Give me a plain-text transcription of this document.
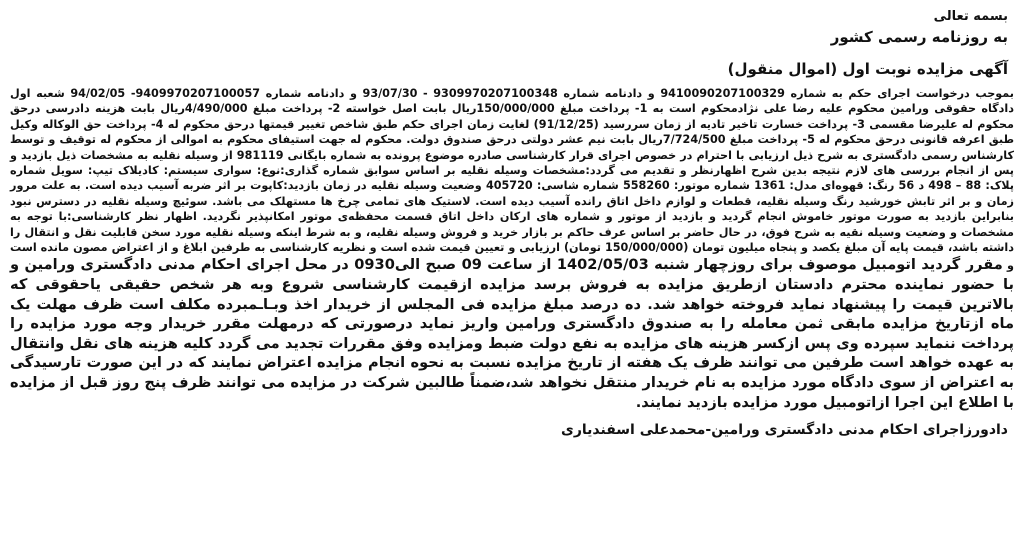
بسمه تعالی

به روزنامه رسمی کشور

آگهی مزایده نوبت اول (اموال منقول)

بموجب درخواست اجرای حکم به شماره 9410090207100329 و دادنامه شماره 9309970207100348 - 93/07/30 و دادنامه شماره 9409970207100057- 94/02/05 شعبه اول دادگاه حقوقی ورامین محکوم علیه رضا علی نژادمحکوم است به 1- پرداخت مبلغ 150/000/000ریال بابت اصل خواسته 2- پرداخت مبلغ 4/490/000ریال بابت هزینه دادرسی درحق محکوم له علیرضا مقسمی 3- پرداخت خسارت تاخیر تادیه از زمان سررسید (91/12/25) لغایت زمان اجرای حکم طبق شاخص تغییر قیمتها درحق محکوم له 4- پرداخت حق الوکاله وکیل طبق اعرفه قانونی درحق محکوم له 5- پرداخت مبلغ 7/724/500ریال بابت نیم عشر دولتی درحق صندوق دولت. محکوم له جهت استیفای محکوم به اموالی از محکوم له توقیف و توسط کارشناس رسمی دادگستری به شرح ذیل ارزیابی با احترام در خصوص اجرای قرار کارشناسی صادره موضوع پرونده به شماره بایگانی 981119 از وسیله نقلیه به مشخصات ذیل بازدید و پس از انجام بررسی های لازم نتیجه بدین شرح اظهارنظر و تقدیم می گردد:مشخصات وسیله نقلیه بر اساس سوابق شماره گذاری:نوع: سواری سیستم: کادیلاک تیپ: سویل شماره پلاک: 88 – 498 د 56 رنگ: قهوه‌ای مدل: 1361 شماره موتور: 558260 شماره شاسی: 405720 وضعیت وسیله نقلیه در زمان بازدید:کاپوت بر اثر ضربه آسیب دیده است. به علت مرور زمان و بر اثر تابش خورشید رنگ وسیله نقلیه، قطعات و لوازم داخل اتاق رانده آسیب دیده است. لاستیک های تمامی چرخ ها مستهلک می باشد. سوئیچ وسیله نقلیه در دسترس نبود بنابراین بازدید به صورت موتور خاموش انجام گردید و بازدید از موتور و شماره های ارکان داخل اتاق قسمت محفظه‌ی موتور امکانپذیر نگردید. اظهار نظر کارشناسی:با توجه به مشخصات و وضعیت وسیله نقیه به شرح فوق، در حال حاضر بر اساس عرف حاکم بر بازار خرید و فروش وسیله نقلیه، و به شرط اینکه وسیله نقلیه مورد سخن قابلیت نقل و انتقال را داشته باشد، قیمت پایه آن مبلغ یکصد و پنجاه میلیون تومان (150/000/000 تومان) ارزیابی و تعیین قیمت شده است و نظریه کارشناسی به طرفین ابلاغ و از اعتراض مصون مانده است و مقرر گردید اتومبیل موصوف برای روزچهار شنبه 1402/05/03 از ساعت 09 صبح الی0930 در محل اجرای احکام مدنی دادگستری ورامین و با حضور نماینده محترم دادستان ازطریق مزایده به فروش برسد مزایده ازقیمت کارشناسی شروع وبه هر شخص حقیقی یاحقوقی که بالاترین قیمت را پیشنهاد نماید فروخته خواهد شد. ده درصد مبلغ مزایده فی المجلس از خریدار اخذ وبـاـمبرده مکلف است ظرف مهلت یک ماه ازتاریخ مزایده مابقی ثمن معامله را به صندوق دادگستری ورامین واریز نماید درصورتی که درمهلت مقرر خریدار وجه مورد مزایده را پرداخت ننماید سپرده وی پس ازکسر هزینه های مزایده به نفع دولت ضبط ومزایده وفق مقررات تجدید می گردد کلیه هزینه های نقل وانتقال به عهده خواهد است طرفین می توانند ظرف یک هفته از تاریخ مزایده نسبت به نحوه انجام مزایده اعتراض نمایند که در این صورت تارسیدگی به اعتراض از سوی دادگاه مورد مزایده به نام خریدار منتقل نخواهد شد،ضمناً طالبین شرکت در مزایده می توانند ظرف پنج روز قبل از مزایده با اطلاع این اجرا ازاتومبیل مورد مزایده بازدید نمایند.

دادورزاجرای احکام مدنی دادگستری ورامین-محمدعلی اسفندیاری
